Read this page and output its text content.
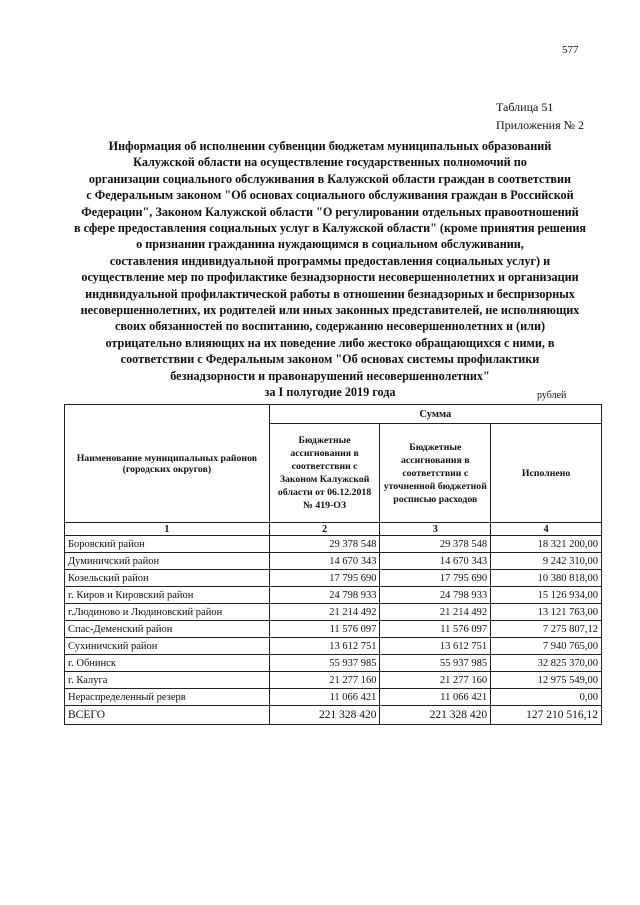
577
Таблица 51
Приложения № 2
Информация об исполнении субвенции бюджетам муниципальных образований
Калужской области на осуществление государственных полномочий по
организации социального обслуживания в Калужской области граждан в соответствии
с Федеральным законом "Об основах социального обслуживания граждан в Российской
Федерации", Законом Калужской области "О регулировании отдельных правоотношений
в сфере предоставления социальных услуг в Калужской области" (кроме принятия решения
о признании гражданина нуждающимся в социальном обслуживании,
составления индивидуальной программы предоставления социальных услуг) и
осуществление мер по профилактике безнадзорности несовершеннолетних и организации
индивидуальной профилактической работы в отношении безнадзорных и беспризорных
несовершеннолетних, их родителей или иных законных представителей, не исполняющих
своих обязанностей по воспитанию, содержанию несовершеннолетних и (или)
отрицательно влияющих на их поведение либо жестоко обращающихся с ними, в
соответствии с Федеральным законом "Об основах системы профилактики
безнадзорности и правонарушений несовершеннолетних"
за I полугодие 2019 года	рублей
Наименование муниципальных районов (городских округов)	Сумма		
	Бюджетные ассигнования в соответствии с Законом Калужской области от 06.12.2018 № 419-ОЗ	Бюджетные ассигнования в соответствии с уточненной бюджетной росписью расходов	Исполнено
1	2	3	4
Боровский район	29 378 548	29 378 548	18 321 200,00
Думиничский район	14 670 343	14 670 343	9 242 310,00
Козельский район	17 795 690	17 795 690	10 380 818,00
г. Киров и Кировский район	24 798 933	24 798 933	15 126 934,00
г.Людиново и Людиновский район	21 214 492	21 214 492	13 121 763,00
Спас-Деменский район	11 576 097	11 576 097	7 275 807,12
Сухиничский район	13 612 751	13 612 751	7 940 765,00
г. Обнинск	55 937 985	55 937 985	32 825 370,00
г. Калуга	21 277 160	21 277 160	12 975 549,00
Нераспределенный резерв	11 066 421	11 066 421	0,00
ВСЕГО	221 328 420	221 328 420	127 210 516,12
